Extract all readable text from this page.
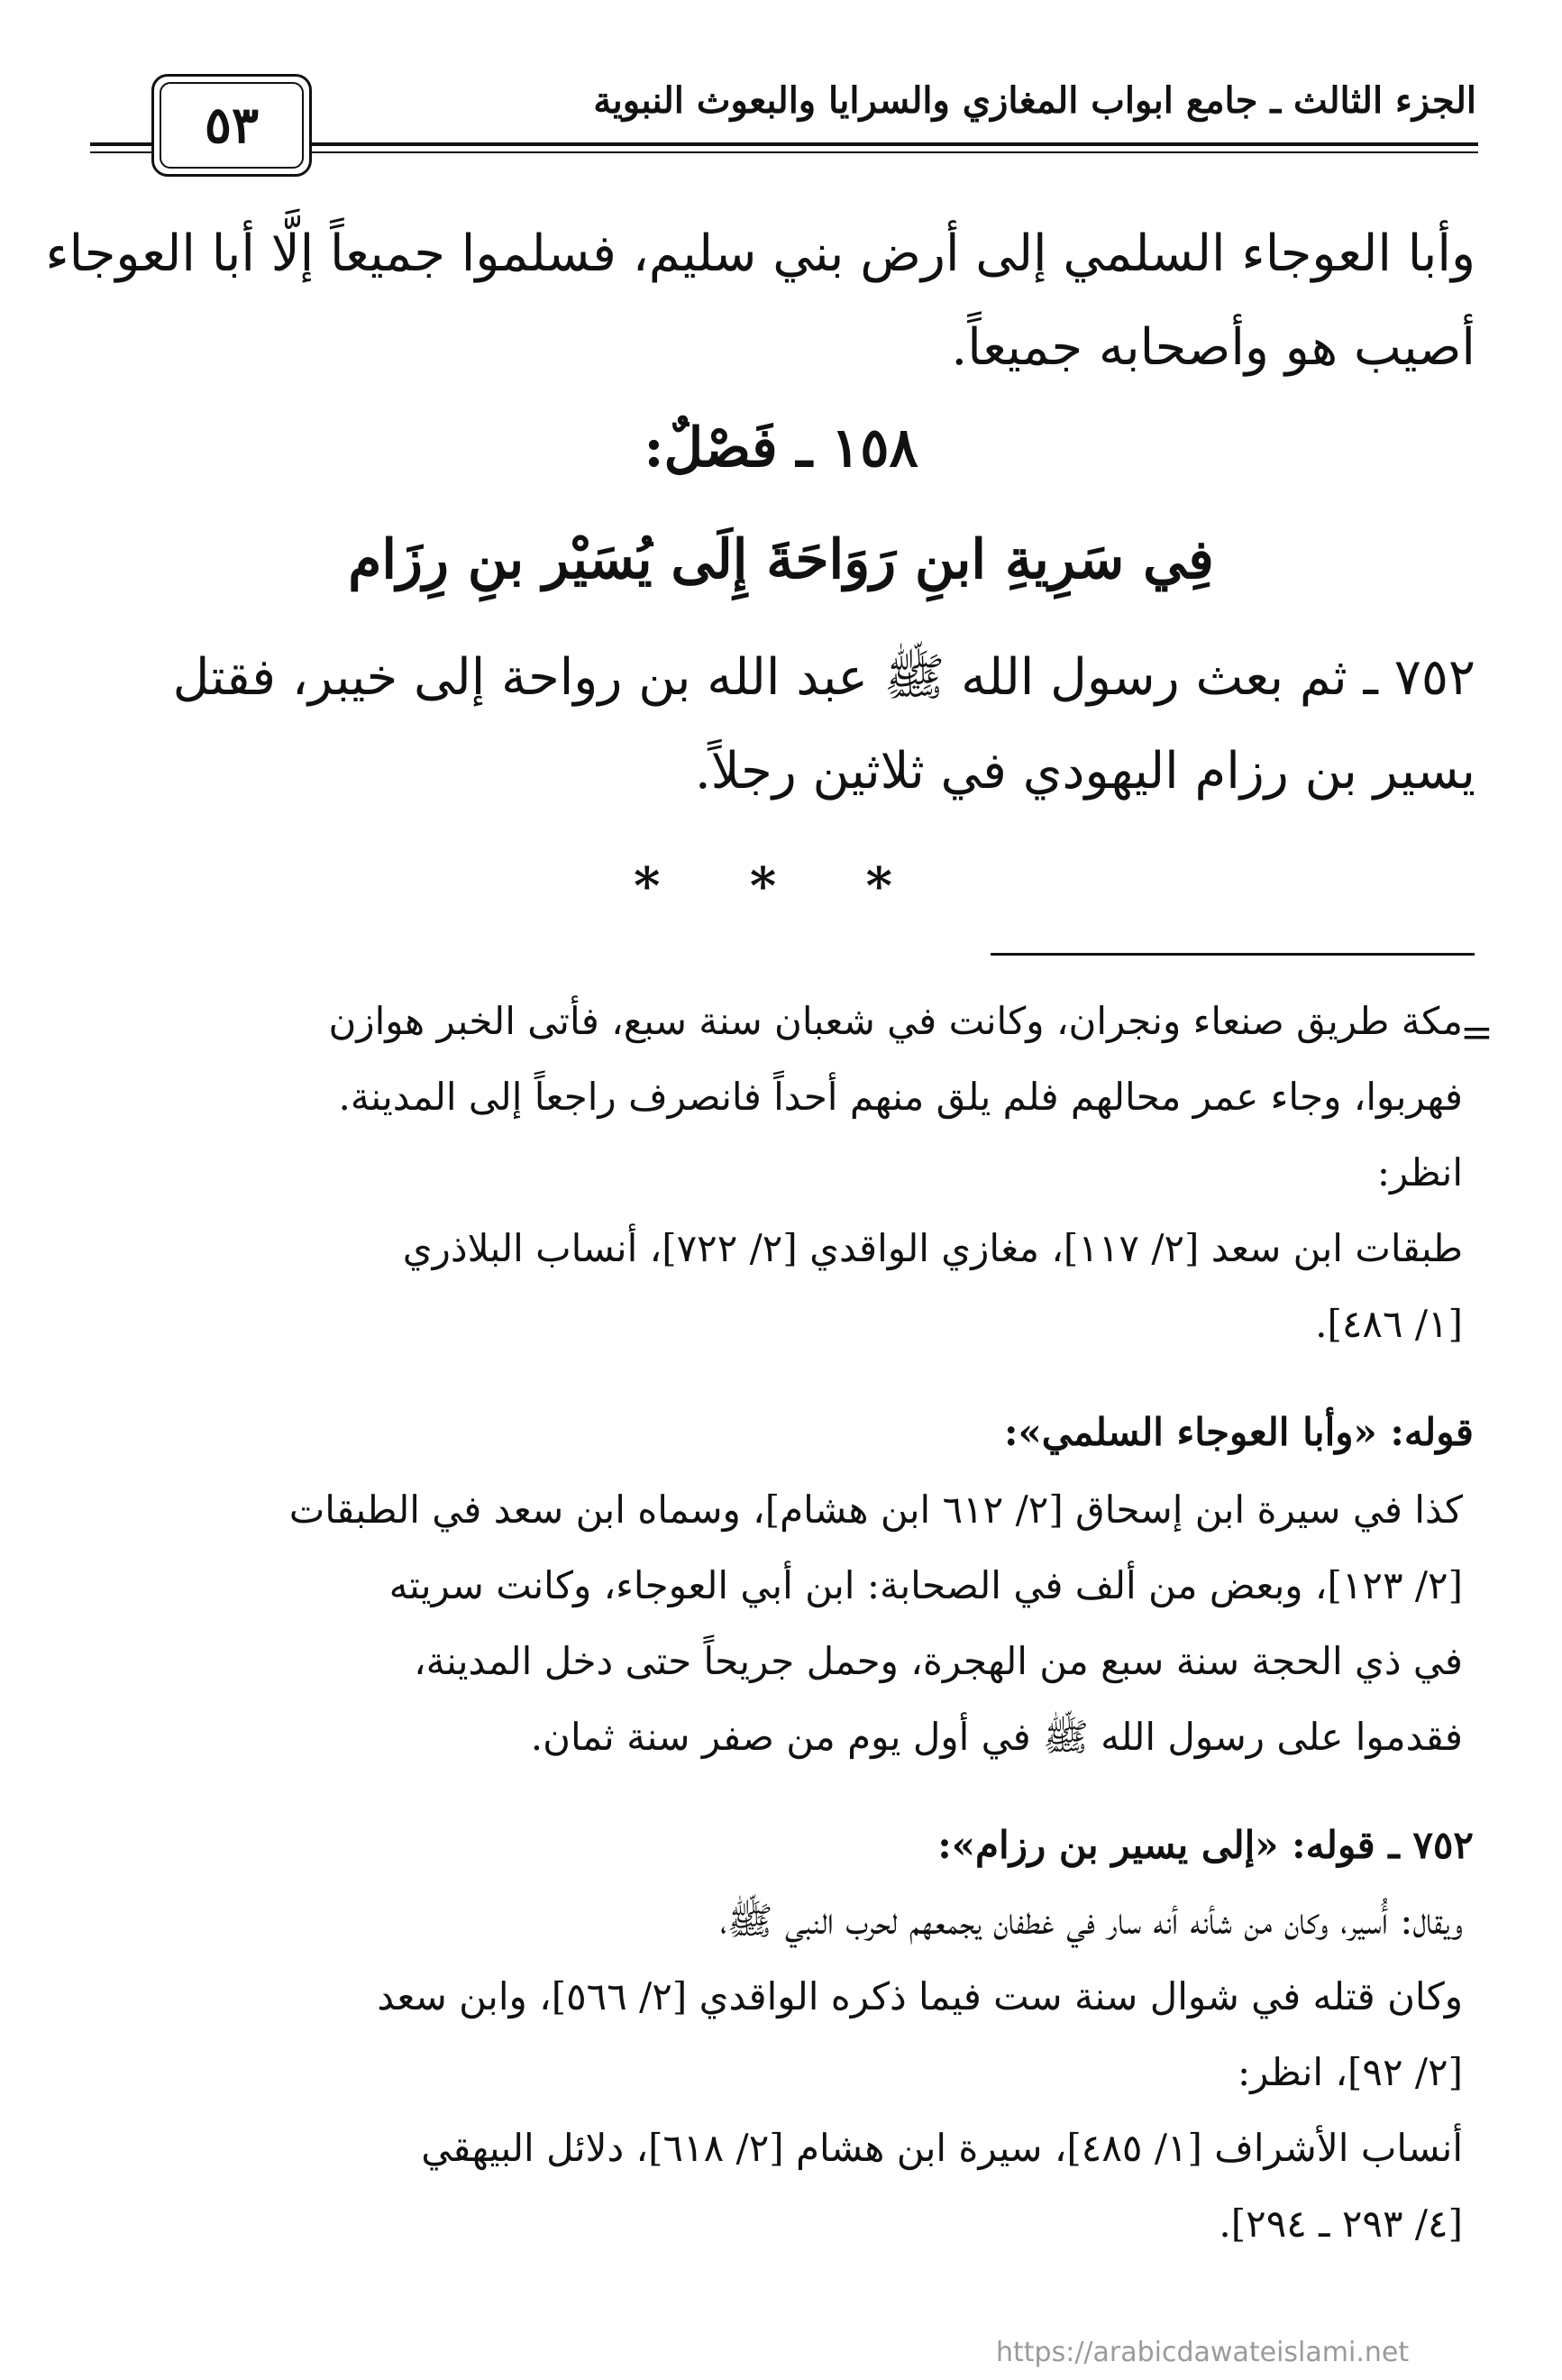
الجزء الثالث ـ جامع ابواب المغازي والسرايا والبعوث النبوية
٥٣
وأبا العوجاء السلمي إلى أرض بني سليم، فسلموا جميعاً إلَّا أبا العوجاء
أصيب هو وأصحابه جميعاً.
١٥٨ ـ فَصْلٌ:
فِي سَرِيةِ ابنِ رَوَاحَةَ إِلَى يُسَيْر بنِ رِزَام
٧٥٢ ـ ثم بعث رسول الله ﷺ عبد الله بن رواحة إلى خيبر، فقتل
يسير بن رزام اليهودي في ثلاثين رجلاً.
* * *
=
مكة طريق صنعاء ونجران، وكانت في شعبان سنة سبع، فأتى الخبر هوازن
فهربوا، وجاء عمر محالهم فلم يلق منهم أحداً فانصرف راجعاً إلى المدينة.
انظر:
طبقات ابن سعد [٢/ ١١٧]، مغازي الواقدي [٢/ ٧٢٢]، أنساب البلاذري
[١/ ٤٨٦].
قوله: «وأبا العوجاء السلمي»:
كذا في سيرة ابن إسحاق [٢/ ٦١٢ ابن هشام]، وسماه ابن سعد في الطبقات
[٢/ ١٢٣]، وبعض من ألف في الصحابة: ابن أبي العوجاء، وكانت سريته
في ذي الحجة سنة سبع من الهجرة، وحمل جريحاً حتى دخل المدينة،
فقدموا على رسول الله ﷺ في أول يوم من صفر سنة ثمان.
٧٥٢ ـ قوله: «إلى يسير بن رزام»:
ويقال: أُسير، وكان من شأنه أنه سار في غطفان يجمعهم لحرب النبي ﷺ،
وكان قتله في شوال سنة ست فيما ذكره الواقدي [٢/ ٥٦٦]، وابن سعد
[٢/ ٩٢]، انظر:
أنساب الأشراف [١/ ٤٨٥]، سيرة ابن هشام [٢/ ٦١٨]، دلائل البيهقي
[٤/ ٢٩٣ ـ ٢٩٤].
https://arabicdawateislami.net
